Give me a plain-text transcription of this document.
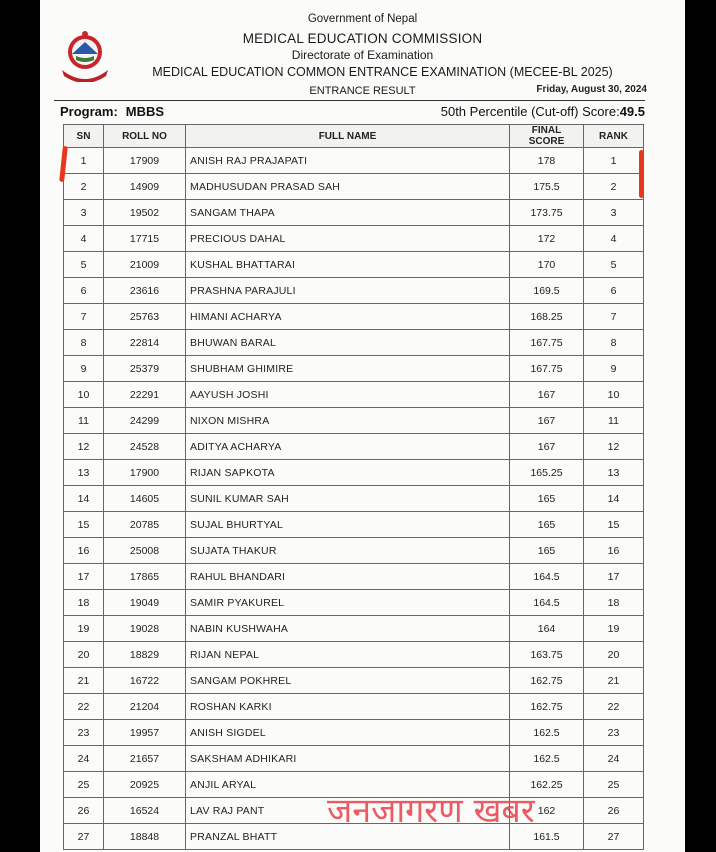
Government of Nepal
MEDICAL EDUCATION COMMISSION
Directorate of Examination
MEDICAL EDUCATION COMMON ENTRANCE EXAMINATION (MECEE-BL 2025)
ENTRANCE RESULT	Friday, August 30, 2024
Program: MBBS	50th Percentile (Cut-off) Score:49.5
SN	ROLL NO	FULL NAME	FINAL SCORE	RANK
1	17909	ANISH RAJ PRAJAPATI	178	1
2	14909	MADHUSUDAN PRASAD SAH	175.5	2
3	19502	SANGAM THAPA	173.75	3
4	17715	PRECIOUS DAHAL	172	4
5	21009	KUSHAL BHATTARAI	170	5
6	23616	PRASHNA PARAJULI	169.5	6
7	25763	HIMANI ACHARYA	168.25	7
8	22814	BHUWAN BARAL	167.75	8
9	25379	SHUBHAM GHIMIRE	167.75	9
10	22291	AAYUSH JOSHI	167	10
11	24299	NIXON MISHRA	167	11
12	24528	ADITYA ACHARYA	167	12
13	17900	RIJAN SAPKOTA	165.25	13
14	14605	SUNIL KUMAR SAH	165	14
15	20785	SUJAL BHURTYAL	165	15
16	25008	SUJATA THAKUR	165	16
17	17865	RAHUL BHANDARI	164.5	17
18	19049	SAMIR PYAKUREL	164.5	18
19	19028	NABIN KUSHWAHA	164	19
20	18829	RIJAN NEPAL	163.75	20
21	16722	SANGAM POKHREL	162.75	21
22	21204	ROSHAN KARKI	162.75	22
23	19957	ANISH SIGDEL	162.5	23
24	21657	SAKSHAM ADHIKARI	162.5	24
25	20925	ANJIL ARYAL	162.25	25
26	16524	LAV RAJ PANT	162	26
27	18848	PRANZAL BHATT	161.5	27
जनजागरण खबर
